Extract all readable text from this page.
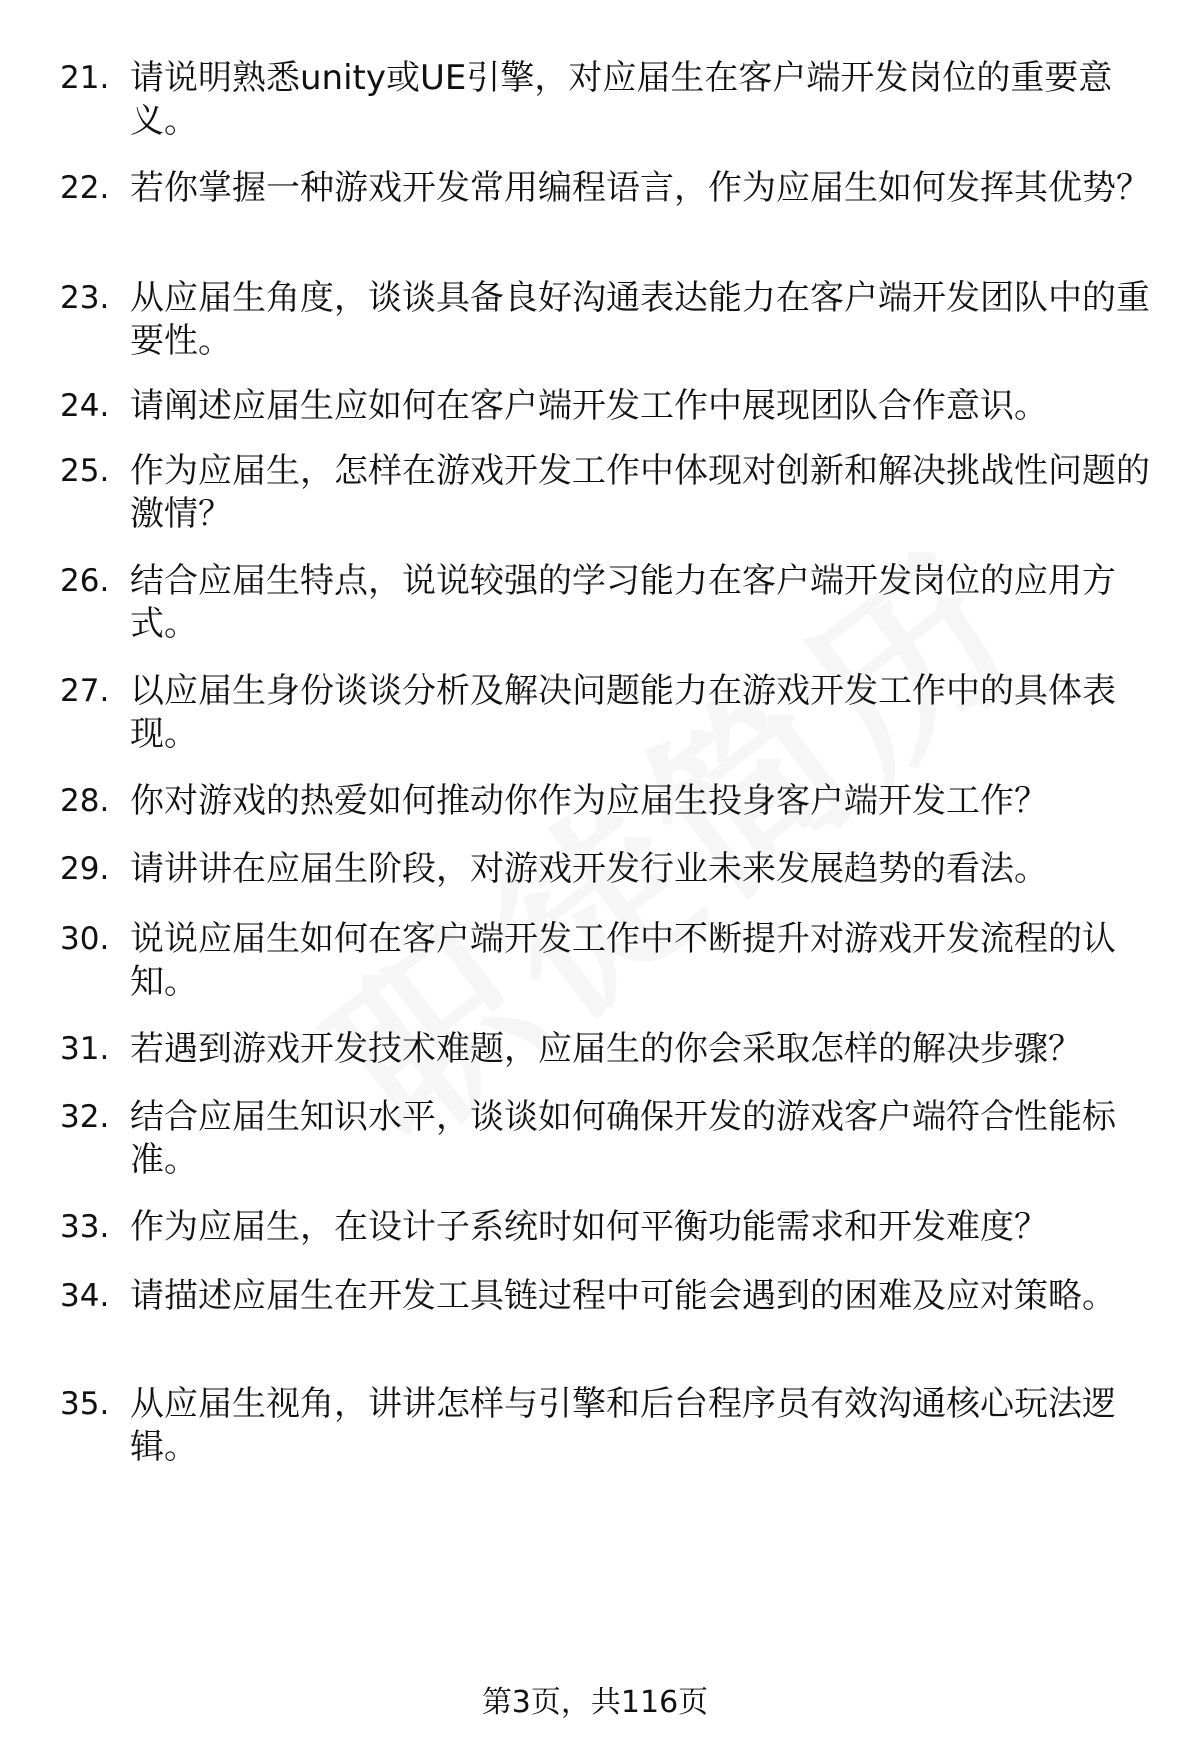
21. 请说明熟悉unity或UE引擎，对应届生在客户端开发岗位的重要意义。
22. 若你掌握一种游戏开发常用编程语言，作为应届生如何发挥其优势？
23. 从应届生角度，谈谈具备良好沟通表达能力在客户端开发团队中的重要性。
24. 请阐述应届生应如何在客户端开发工作中展现团队合作意识。
25. 作为应届生，怎样在游戏开发工作中体现对创新和解决挑战性问题的激情？
26. 结合应届生特点，说说较强的学习能力在客户端开发岗位的应用方式。
27. 以应届生身份谈谈分析及解决问题能力在游戏开发工作中的具体表现。
28. 你对游戏的热爱如何推动你作为应届生投身客户端开发工作？
29. 请讲讲在应届生阶段，对游戏开发行业未来发展趋势的看法。
30. 说说应届生如何在客户端开发工作中不断提升对游戏开发流程的认知。
31. 若遇到游戏开发技术难题，应届生的你会采取怎样的解决步骤？
32. 结合应届生知识水平，谈谈如何确保开发的游戏客户端符合性能标准。
33. 作为应届生，在设计子系统时如何平衡功能需求和开发难度？
34. 请描述应届生在开发工具链过程中可能会遇到的困难及应对策略。
35. 从应届生视角，讲讲怎样与引擎和后台程序员有效沟通核心玩法逻辑。
第3页，共116页
